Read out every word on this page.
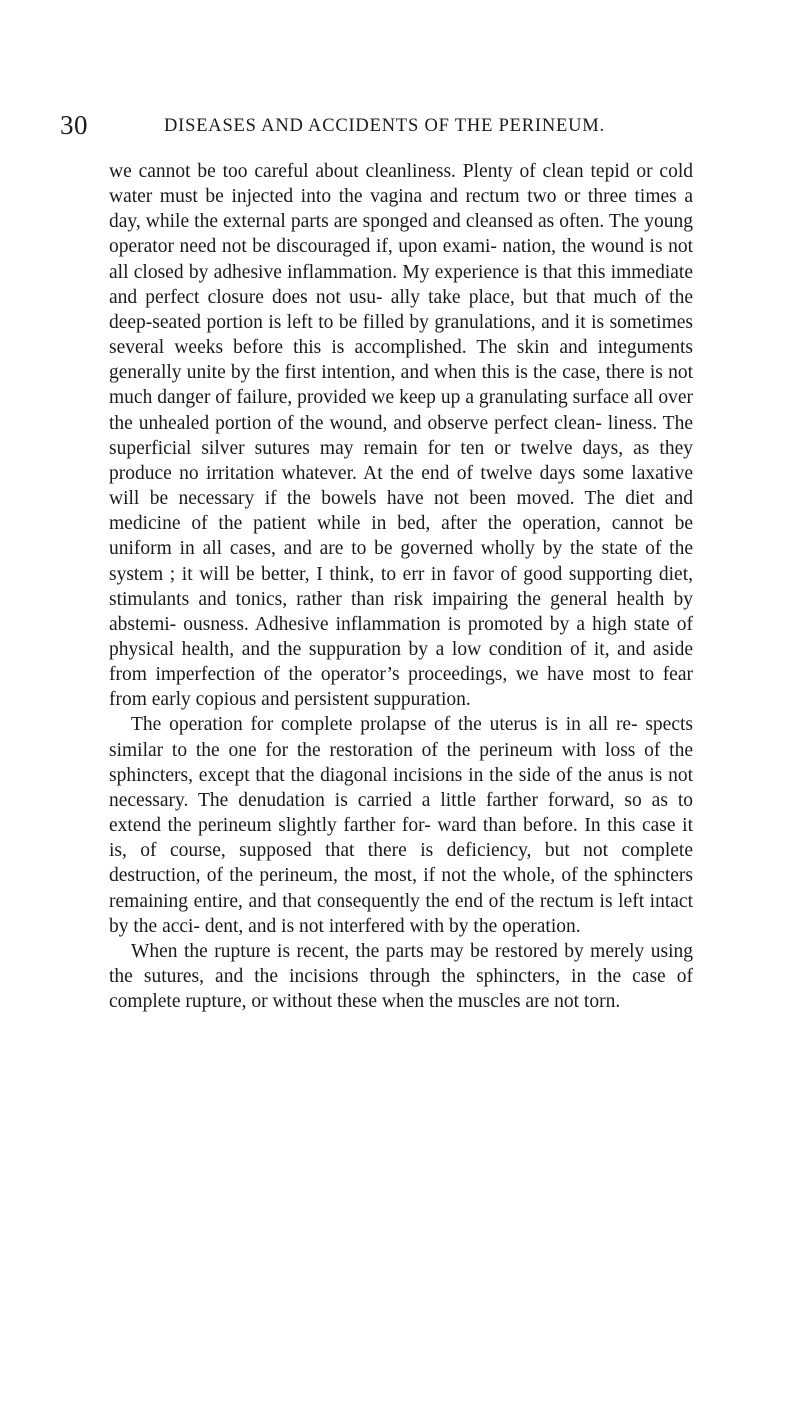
30	DISEASES AND ACCIDENTS OF THE PERINEUM.

we cannot be too careful about cleanliness. Plenty of clean tepid or cold water must be injected into the vagina and rectum two or three times a day, while the external parts are sponged and cleansed as often. The young operator need not be discouraged if, upon exami- nation, the wound is not all closed by adhesive inflammation. My experience is that this immediate and perfect closure does not usu- ally take place, but that much of the deep-seated portion is left to be filled by granulations, and it is sometimes several weeks before this is accomplished. The skin and integuments generally unite by the first intention, and when this is the case, there is not much danger of failure, provided we keep up a granulating surface all over the unhealed portion of the wound, and observe perfect clean- liness. The superficial silver sutures may remain for ten or twelve days, as they produce no irritation whatever. At the end of twelve days some laxative will be necessary if the bowels have not been moved. The diet and medicine of the patient while in bed, after the operation, cannot be uniform in all cases, and are to be governed wholly by the state of the system ; it will be better, I think, to err in favor of good supporting diet, stimulants and tonics, rather than risk impairing the general health by abstemi- ousness. Adhesive inflammation is promoted by a high state of physical health, and the suppuration by a low condition of it, and aside from imperfection of the operator’s proceedings, we have most to fear from early copious and persistent suppuration.

The operation for complete prolapse of the uterus is in all re- spects similar to the one for the restoration of the perineum with loss of the sphincters, except that the diagonal incisions in the side of the anus is not necessary. The denudation is carried a little farther forward, so as to extend the perineum slightly farther for- ward than before. In this case it is, of course, supposed that there is deficiency, but not complete destruction, of the perineum, the most, if not the whole, of the sphincters remaining entire, and that consequently the end of the rectum is left intact by the acci- dent, and is not interfered with by the operation.

When the rupture is recent, the parts may be restored by merely using the sutures, and the incisions through the sphincters, in the case of complete rupture, or without these when the muscles are not torn.
